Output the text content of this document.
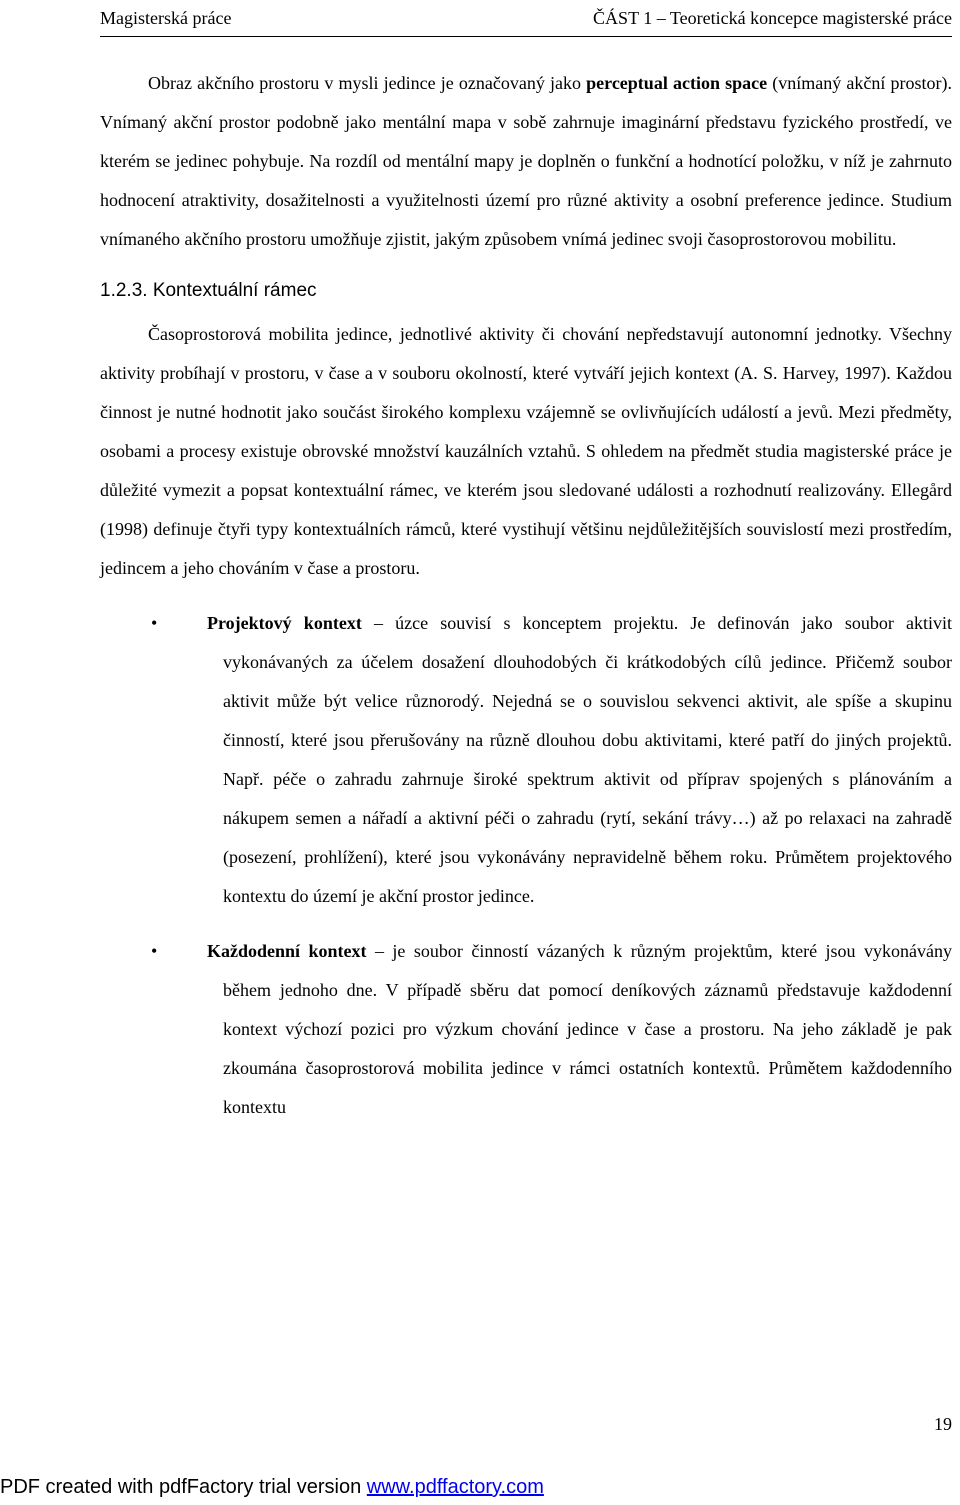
Magisterská práce	ČÁST 1 – Teoretická koncepce magisterské práce

Obraz akčního prostoru v mysli jedince je označovaný jako perceptual action space (vnímaný akční prostor). Vnímaný akční prostor podobně jako mentální mapa v sobě zahrnuje imaginární představu fyzického prostředí, ve kterém se jedinec pohybuje. Na rozdíl od mentální mapy je doplněn o funkční a hodnotící položku, v níž je zahrnuto hodnocení atraktivity, dosažitelnosti a využitelnosti území pro různé aktivity a osobní preference jedince. Studium vnímaného akčního prostoru umožňuje zjistit, jakým způsobem vnímá jedinec svoji časoprostorovou mobilitu.

1.2.3. Kontextuální rámec

Časoprostorová mobilita jedince, jednotlivé aktivity či chování nepředstavují autonomní jednotky. Všechny aktivity probíhají v prostoru, v čase a v souboru okolností, které vytváří jejich kontext (A. S. Harvey, 1997). Každou činnost je nutné hodnotit jako součást širokého komplexu vzájemně se ovlivňujících událostí a jevů. Mezi předměty, osobami a procesy existuje obrovské množství kauzálních vztahů. S ohledem na předmět studia magisterské práce je důležité vymezit a popsat kontextuální rámec, ve kterém jsou sledované události a rozhodnutí realizovány. Ellegård (1998) definuje čtyři typy kontextuálních rámců, které vystihují většinu nejdůležitějších souvislostí mezi prostředím, jedincem a jeho chováním v čase a prostoru.

•	Projektový kontext – úzce souvisí s konceptem projektu. Je definován jako soubor aktivit vykonávaných za účelem dosažení dlouhodobých či krátkodobých cílů jedince. Přičemž soubor aktivit může být velice různorodý. Nejedná se o souvislou sekvenci aktivit, ale spíše a skupinu činností, které jsou přerušovány na různě dlouhou dobu aktivitami, které patří do jiných projektů. Např. péče o zahradu zahrnuje široké spektrum aktivit od příprav spojených s plánováním a nákupem semen a nářadí a aktivní péči o zahradu (rytí, sekání trávy…) až po relaxaci na zahradě (posezení, prohlížení), které jsou vykonávány nepravidelně během roku. Průmětem projektového kontextu do území je akční prostor jedince.
•	Každodenní kontext – je soubor činností vázaných k různým projektům, které jsou vykonávány během jednoho dne. V případě sběru dat pomocí deníkových záznamů představuje každodenní kontext výchozí pozici pro výzkum chování jedince v čase a prostoru. Na jeho základě je pak zkoumána časoprostorová mobilita jedince v rámci ostatních kontextů. Průmětem každodenního kontextu
19
PDF created with pdfFactory trial version www.pdffactory.com
